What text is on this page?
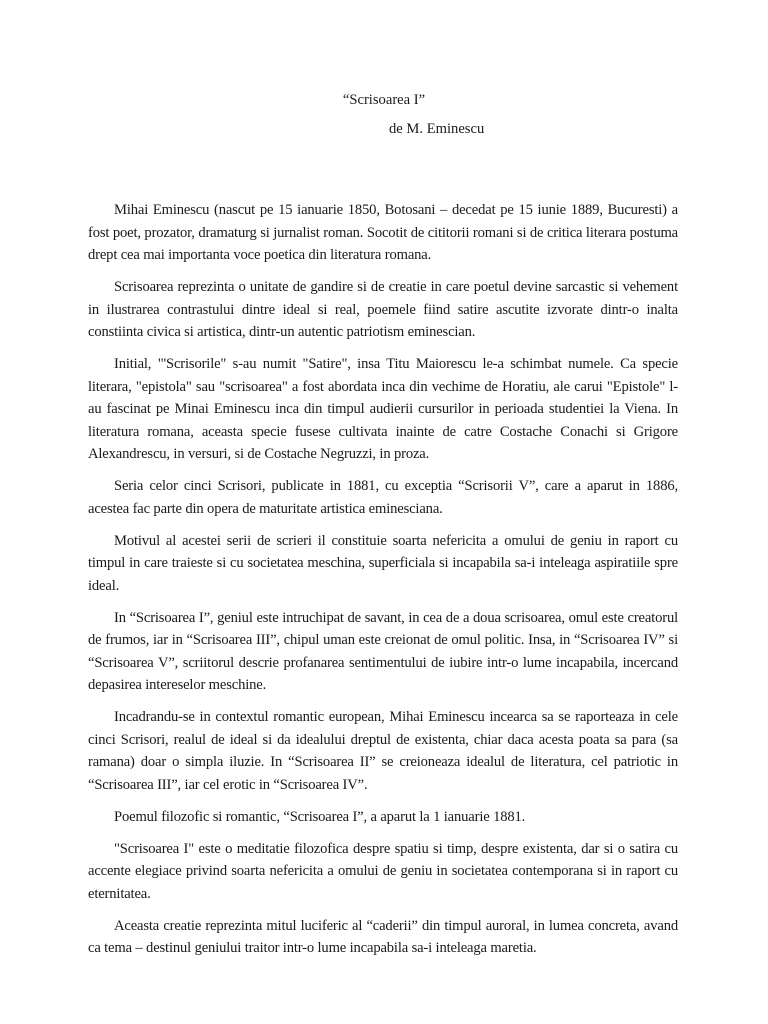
“Scrisoarea I”

de M. Eminescu

Mihai Eminescu (nascut pe 15 ianuarie 1850, Botosani – decedat pe 15 iunie 1889, Bucuresti) a fost poet, prozator, dramaturg si jurnalist roman. Socotit de cititorii romani si de critica literara postuma drept cea mai importanta voce poetica din literatura romana.

Scrisoarea reprezinta o unitate de gandire si de creatie in care poetul devine sarcastic si vehement in ilustrarea contrastului dintre ideal si real, poemele fiind satire ascutite izvorate dintr-o inalta constiinta civica si artistica, dintr-un autentic patriotism eminescian.

Initial, "'Scrisorile" s-au numit "Satire", insa Titu Maiorescu le-a schimbat numele. Ca specie literara, "epistola" sau "scrisoarea" a fost abordata inca din vechime de Horatiu, ale carui "Epistole" l-au fascinat pe Minai Eminescu inca din timpul audierii cursurilor in perioada studentiei la Viena. In literatura romana, aceasta specie fusese cultivata inainte de catre Costache Conachi si Grigore Alexandrescu, in versuri, si de Costache Negruzzi, in proza.

Seria celor cinci Scrisori, publicate in 1881, cu exceptia “Scrisorii V”, care a aparut in 1886, acestea fac parte din opera de maturitate artistica eminesciana.

Motivul al acestei serii de scrieri il constituie soarta nefericita a omului de geniu in raport cu timpul in care traieste si cu societatea meschina, superficiala si incapabila sa-i inteleaga aspiratiile spre ideal.

In “Scrisoarea I”, geniul este intruchipat de savant, in cea de a doua scrisoarea, omul este creatorul de frumos, iar in “Scrisoarea III”, chipul uman este creionat de omul politic. Insa, in “Scrisoarea IV” si “Scrisoarea V”, scriitorul descrie profanarea sentimentului de iubire intr-o lume incapabila, incercand depasirea intereselor meschine.

Incadrandu-se in contextul romantic european, Mihai Eminescu incearca sa se raporteaza in cele cinci Scrisori, realul de ideal si da idealului dreptul de existenta, chiar daca acesta poata sa para (sa ramana) doar o simpla iluzie. In “Scrisoarea II” se creioneaza idealul de literatura, cel patriotic in “Scrisoarea III”, iar cel erotic in “Scrisoarea IV”.

Poemul filozofic si romantic, “Scrisoarea I”, a aparut la 1 ianuarie 1881.

"Scrisoarea I" este o meditatie filozofica despre spatiu si timp, despre existenta, dar si o satira cu accente elegiace privind soarta nefericita a omului de geniu in societatea contemporana si in raport cu eternitatea.

Aceasta creatie reprezinta mitul luciferic al “caderii” din timpul auroral, in lumea concreta, avand ca tema – destinul geniului traitor intr-o lume incapabila sa-i inteleaga maretia.
